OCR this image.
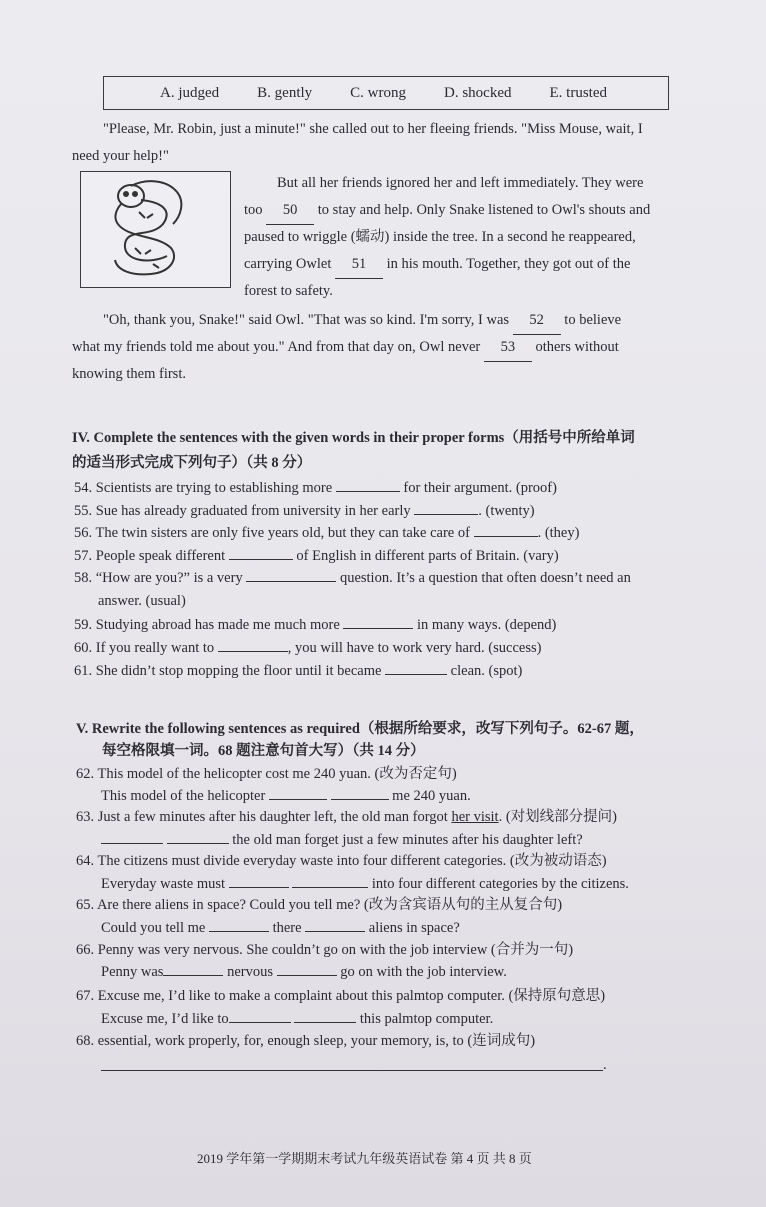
A. judged	B. gently	C. wrong	D. shocked	E. trusted
"Please, Mr. Robin, just a minute!" she called out to her fleeing friends. "Miss Mouse, wait, I
need your help!"
But all her friends ignored her and left immediately. They were
too 50 to stay and help. Only Snake listened to Owl's shouts and
paused to wriggle (蠕动) inside the tree. In a second he reappeared,
carrying Owlet 51 in his mouth. Together, they got out of the
forest to safety.
"Oh, thank you, Snake!" said Owl. "That was so kind. I'm sorry, I was 52 to believe
what my friends told me about you." And from that day on, Owl never 53 others without
knowing them first.
IV. Complete the sentences with the given words in their proper forms（用括号中所给单词
的适当形式完成下列句子）（共 8 分）
54. Scientists are trying to establishing more	for their argument. (proof)
55. Sue has already graduated from university in her early	. (twenty)
56. The twin sisters are only five years old, but they can take care of	. (they)
57. People speak different	of English in different parts of Britain. (vary)
58. “How are you?” is a very	question. It’s a question that often doesn’t need an
answer. (usual)
59. Studying abroad has made me much more	in many ways. (depend)
60. If you really want to	, you will have to work very hard. (success)
61. She didn’t stop mopping the floor until it became	clean. (spot)
V. Rewrite the following sentences as required（根据所给要求，改写下列句子。62-67 题，
每空格限填一词。68 题注意句首大写）（共 14 分）
62. This model of the helicopter cost me 240 yuan. (改为否定句)
This model of the helicopter	me 240 yuan.
63. Just a few minutes after his daughter left, the old man forgot her visit. (对划线部分提问)
the old man forget just a few minutes after his daughter left?
64. The citizens must divide everyday waste into four different categories. (改为被动语态)
Everyday waste must	into four different categories by the citizens.
65. Are there aliens in space? Could you tell me? (改为含宾语从句的主从复合句)
Could you tell me	there	aliens in space?
66. Penny was very nervous. She couldn’t go on with the job interview (合并为一句)
Penny was	nervous	go on with the job interview.
67. Excuse me, I’d like to make a complaint about this palmtop computer. (保持原句意思)
Excuse me, I’d like to	this palmtop computer.
68. essential, work properly, for, enough sleep, your memory, is, to (连词成句)
.
2019 学年第一学期期末考试九年级英语试卷 第 4 页 共 8 页
